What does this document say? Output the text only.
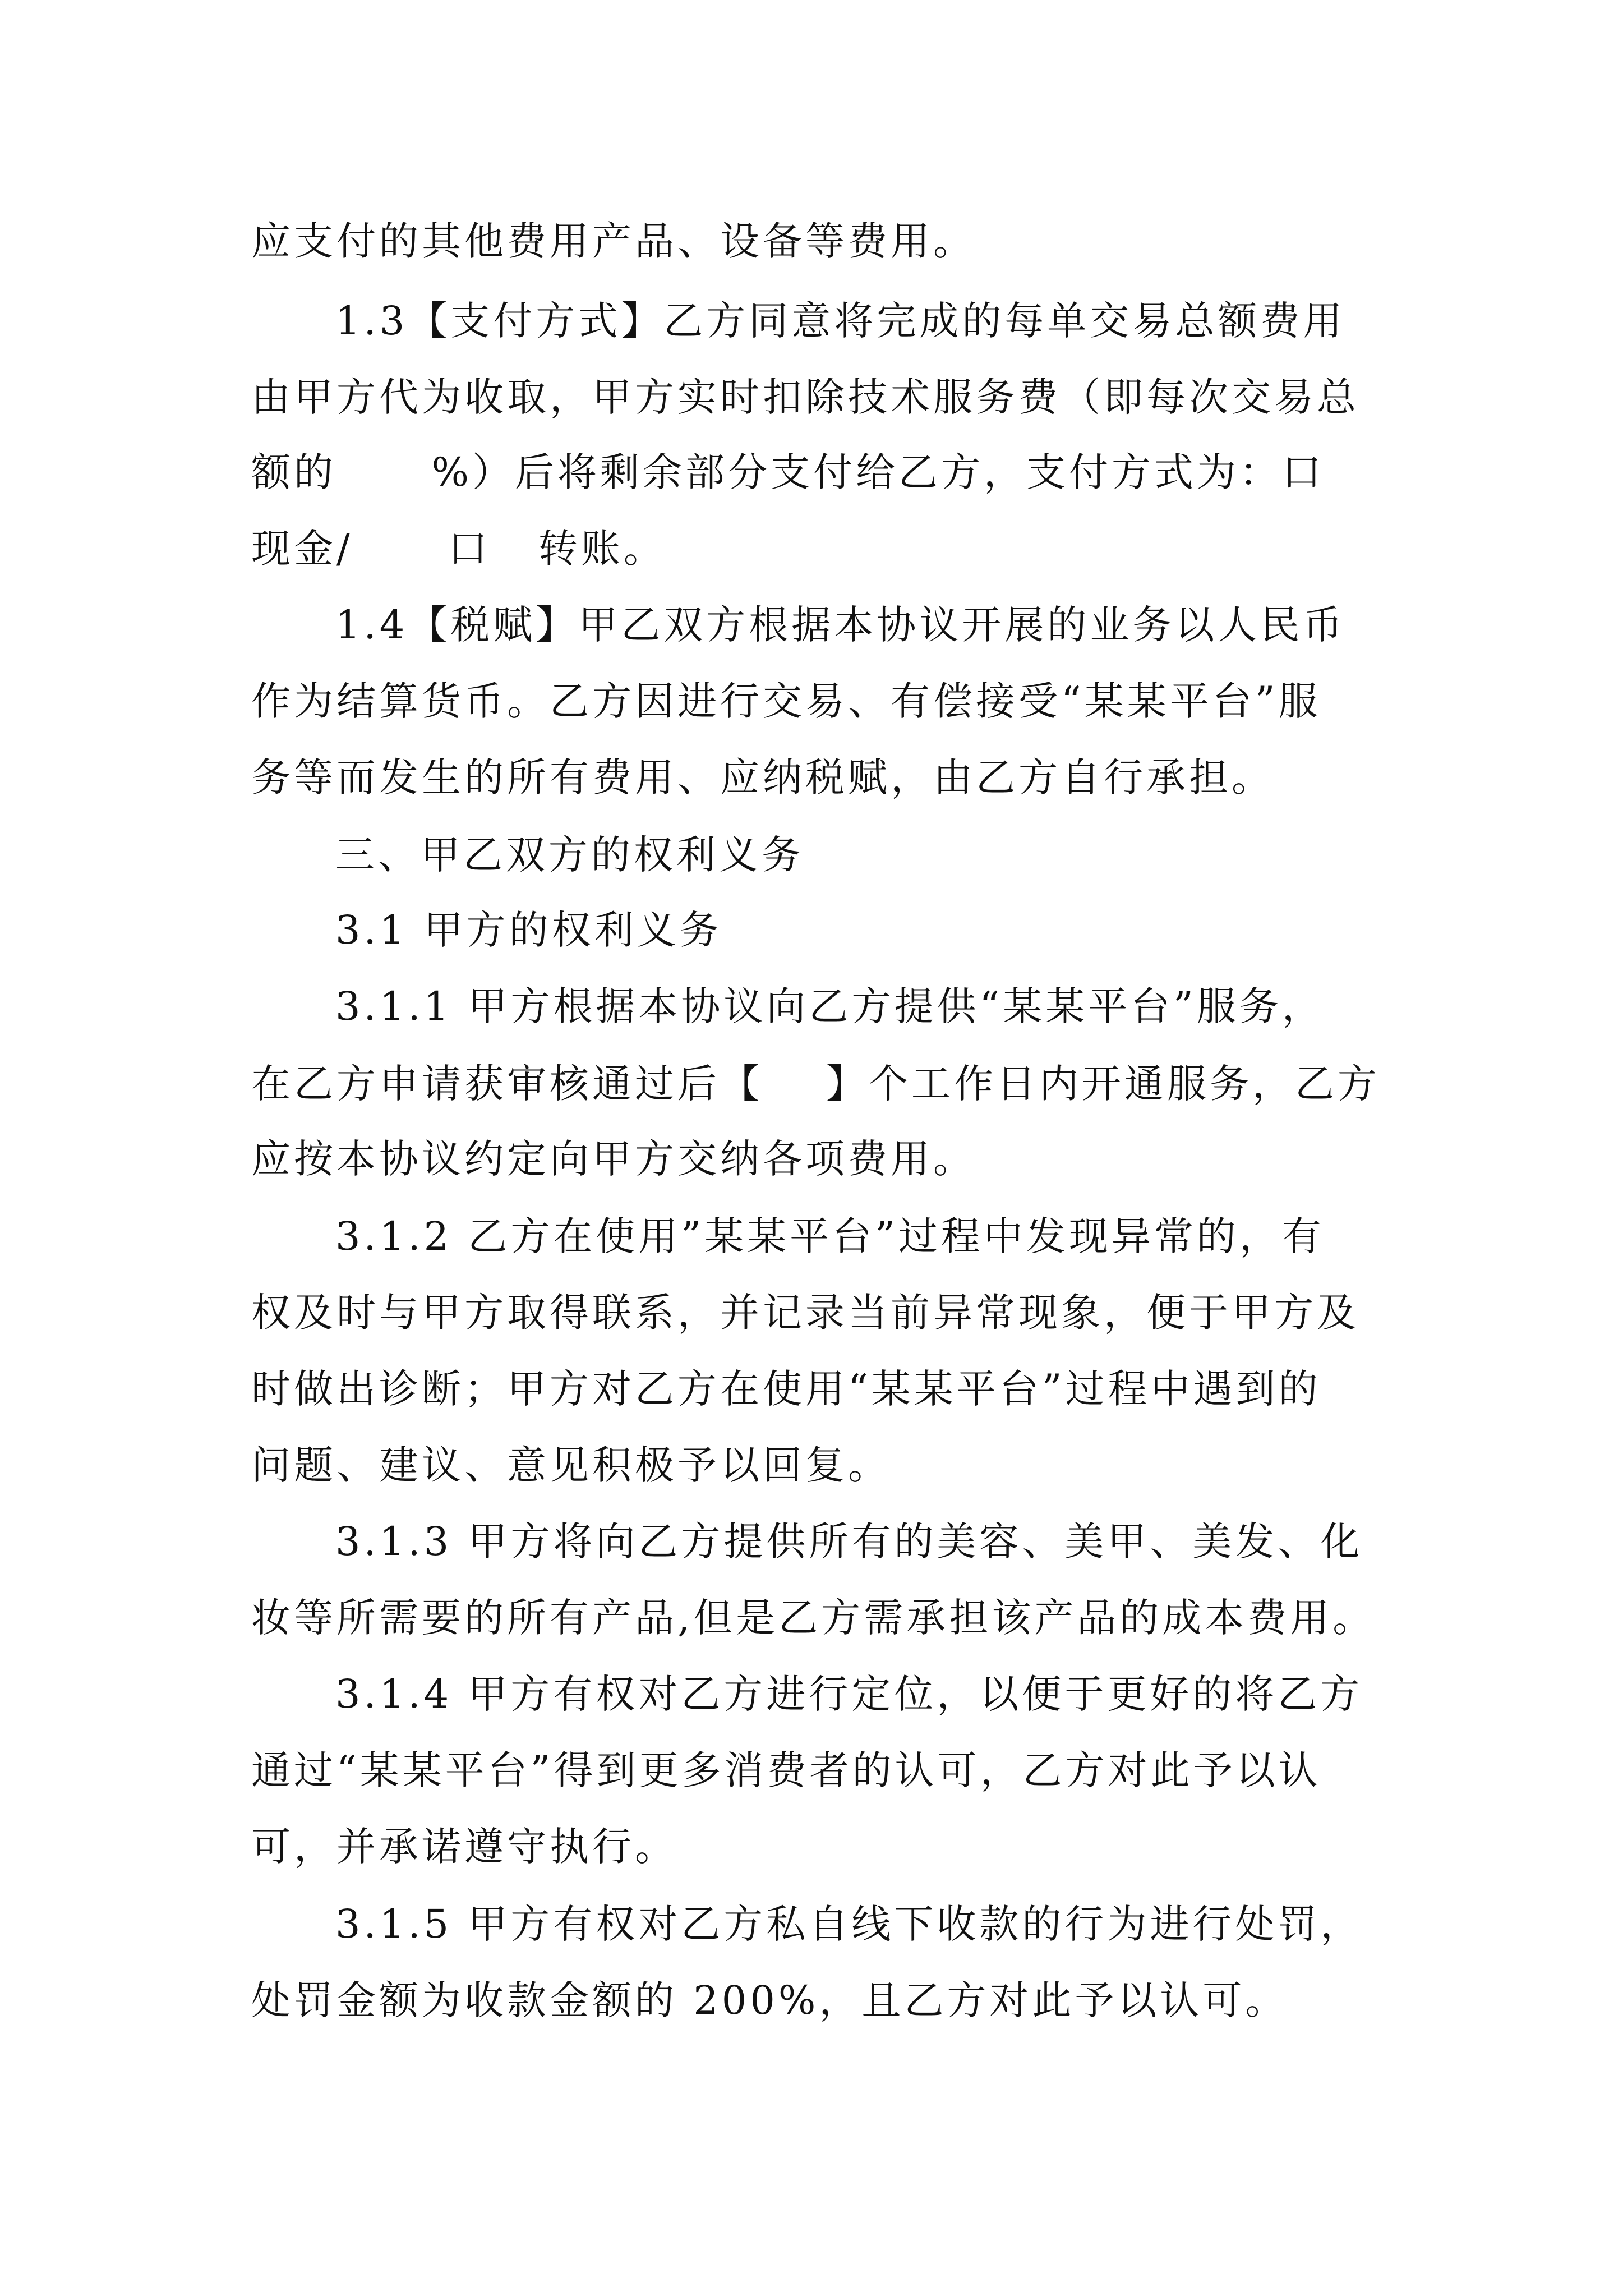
应支付的其他费用产品、设备等费用。
1.3【支付方式】乙方同意将完成的每单交易总额费用
由甲方代为收取，甲方实时扣除技术服务费（即每次交易总
额的      %）后将剩余部分支付给乙方，支付方式为：口
现金/      口   转账。
1.4【税赋】甲乙双方根据本协议开展的业务以人民币
作为结算货币。乙方因进行交易、有偿接受“某某平台”服
务等而发生的所有费用、应纳税赋，由乙方自行承担。
三、甲乙双方的权利义务
3.1 甲方的权利义务
3.1.1 甲方根据本协议向乙方提供“某某平台”服务，
在乙方申请获审核通过后【    】个工作日内开通服务，乙方
应按本协议约定向甲方交纳各项费用。
3.1.2 乙方在使用”某某平台”过程中发现异常的，有
权及时与甲方取得联系，并记录当前异常现象，便于甲方及
时做出诊断；甲方对乙方在使用“某某平台”过程中遇到的
问题、建议、意见积极予以回复。
3.1.3 甲方将向乙方提供所有的美容、美甲、美发、化
妆等所需要的所有产品,但是乙方需承担该产品的成本费用。
3.1.4 甲方有权对乙方进行定位，以便于更好的将乙方
通过“某某平台”得到更多消费者的认可，乙方对此予以认
可，并承诺遵守执行。
3.1.5 甲方有权对乙方私自线下收款的行为进行处罚，
处罚金额为收款金额的 200%，且乙方对此予以认可。
